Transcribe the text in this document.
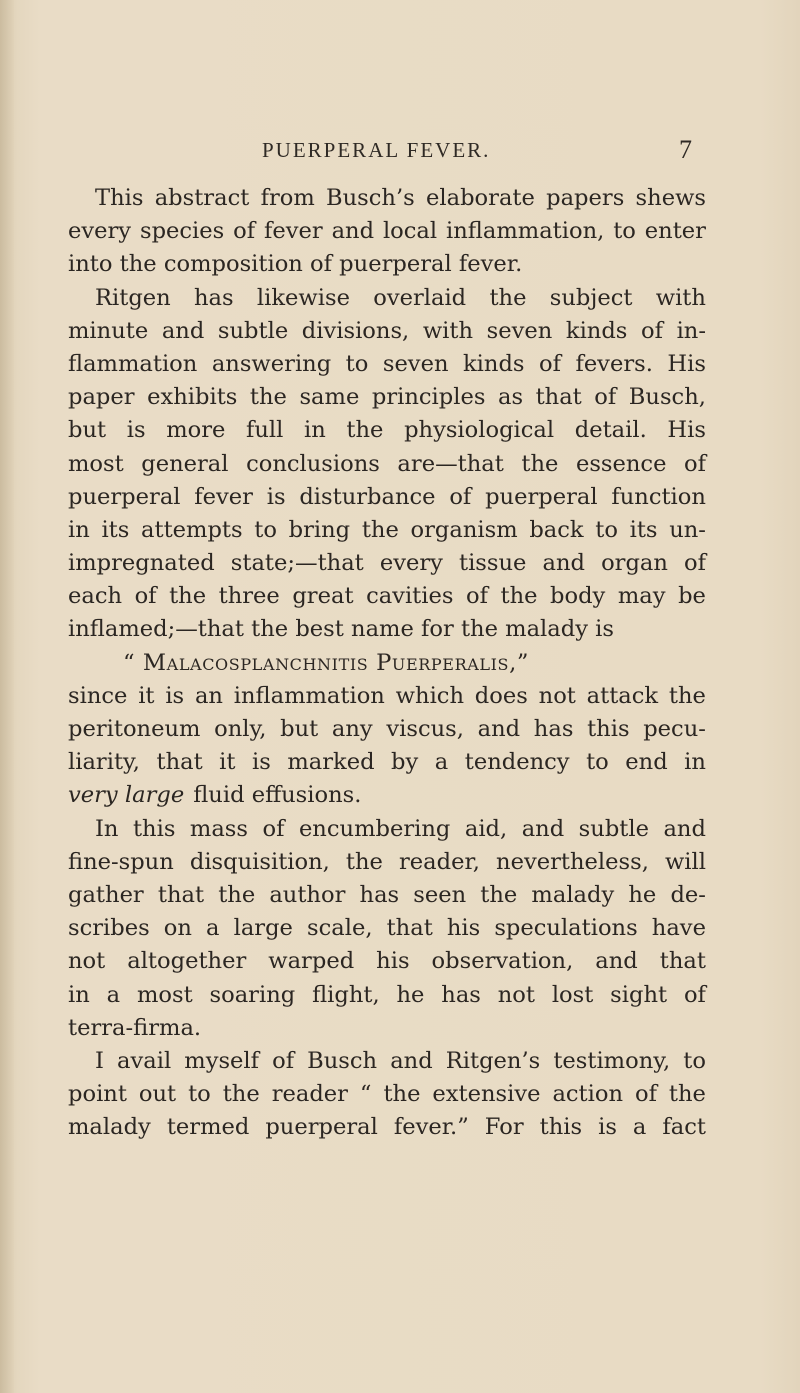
PUERPERAL FEVER.	7
This abstract from Busch’s elaborate papers shews
every species of fever and local inflammation, to enter
into the composition of puerperal fever.
Ritgen has likewise overlaid the subject with
minute and subtle divisions, with seven kinds of in-
flammation answering to seven kinds of fevers. His
paper exhibits the same principles as that of Busch,
but is more full in the physiological detail. His
most general conclusions are—that the essence of
puerperal fever is disturbance of puerperal function
in its attempts to bring the organism back to its un-
impregnated state;—that every tissue and organ of
each of the three great cavities of the body may be
inflamed;—that the best name for the malady is
“ Malacosplanchnitis Puerperalis,”
since it is an inflammation which does not attack the
peritoneum only, but any viscus, and has this pecu-
liarity, that it is marked by a tendency to end in
very large fluid effusions.
In this mass of encumbering aid, and subtle and
fine-spun disquisition, the reader, nevertheless, will
gather that the author has seen the malady he de-
scribes on a large scale, that his speculations have
not altogether warped his observation, and that
in a most soaring flight, he has not lost sight of
terra-firma.
I avail myself of Busch and Ritgen’s testimony, to
point out to the reader “ the extensive action of the
malady termed puerperal fever.” For this is a fact
